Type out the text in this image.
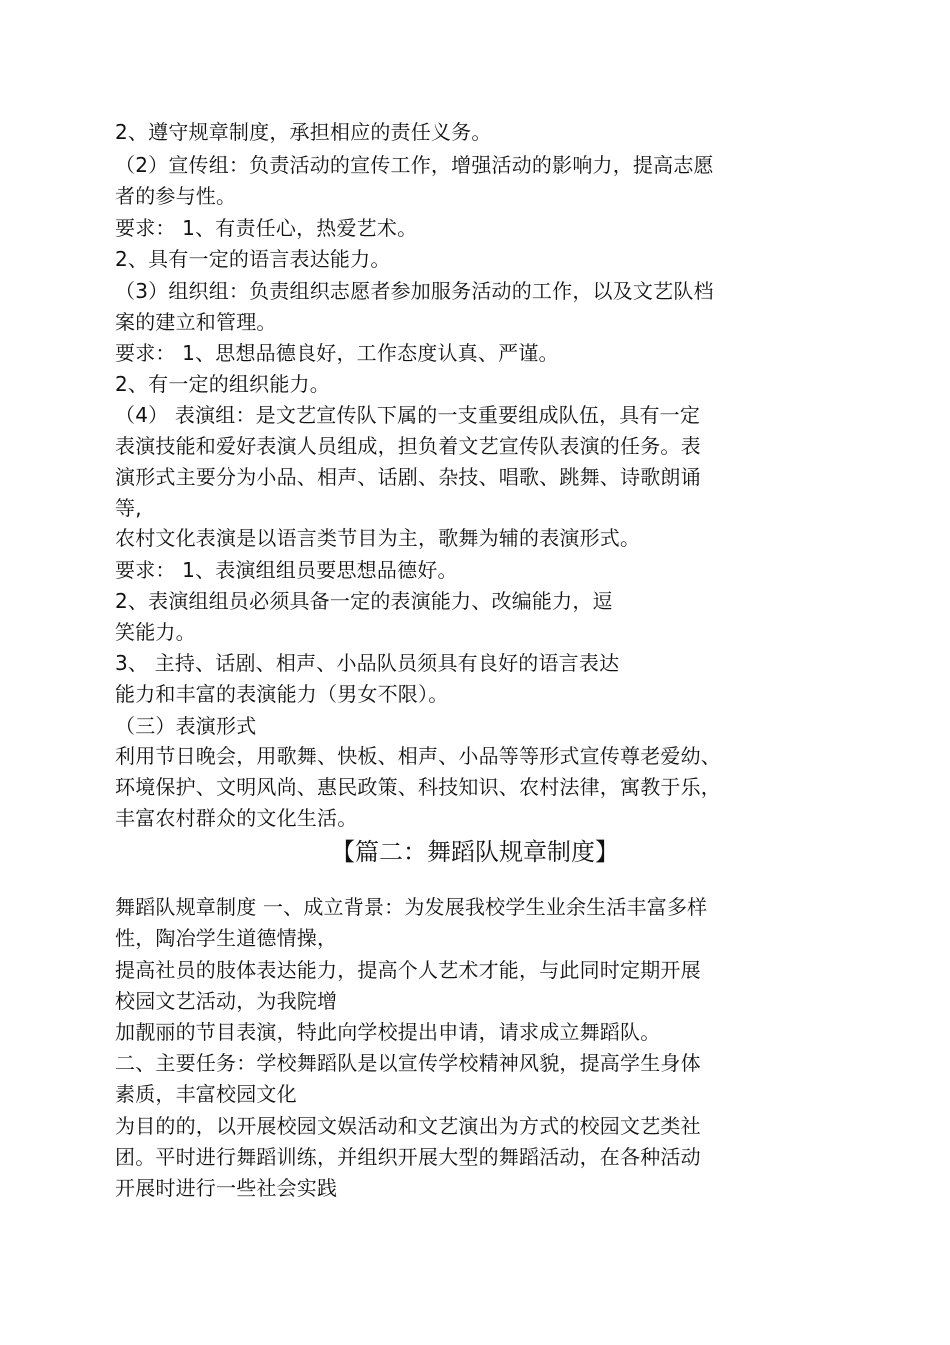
2、遵守规章制度，承担相应的责任义务。
（2）宣传组：负责活动的宣传工作，增强活动的影响力，提高志愿
者的参与性。
要求： 1、有责任心，热爱艺术。
2、具有一定的语言表达能力。
（3）组织组：负责组织志愿者参加服务活动的工作，以及文艺队档
案的建立和管理。
要求： 1、思想品德良好，工作态度认真、严谨。
2、有一定的组织能力。
（4） 表演组：是文艺宣传队下属的一支重要组成队伍，具有一定
表演技能和爱好表演人员组成，担负着文艺宣传队表演的任务。表
演形式主要分为小品、相声、话剧、杂技、唱歌、跳舞、诗歌朗诵
等,
农村文化表演是以语言类节目为主，歌舞为辅的表演形式。
要求： 1、表演组组员要思想品德好。
2、表演组组员必须具备一定的表演能力、改编能力，逗
笑能力。
3、 主持、话剧、相声、小品队员须具有良好的语言表达
能力和丰富的表演能力（男女不限）。
（三）表演形式
利用节日晚会，用歌舞、快板、相声、小品等等形式宣传尊老爱幼、
环境保护、文明风尚、惠民政策、科技知识、农村法律，寓教于乐，
丰富农村群众的文化生活。
【篇二：舞蹈队规章制度】
舞蹈队规章制度 一、成立背景：为发展我校学生业余生活丰富多样
性，陶冶学生道德情操，
提高社员的肢体表达能力，提高个人艺术才能，与此同时定期开展
校园文艺活动，为我院增
加靓丽的节目表演，特此向学校提出申请，请求成立舞蹈队。
二、主要任务：学校舞蹈队是以宣传学校精神风貌，提高学生身体
素质，丰富校园文化
为目的的，以开展校园文娱活动和文艺演出为方式的校园文艺类社
团。平时进行舞蹈训练，并组织开展大型的舞蹈活动，在各种活动
开展时进行一些社会实践
